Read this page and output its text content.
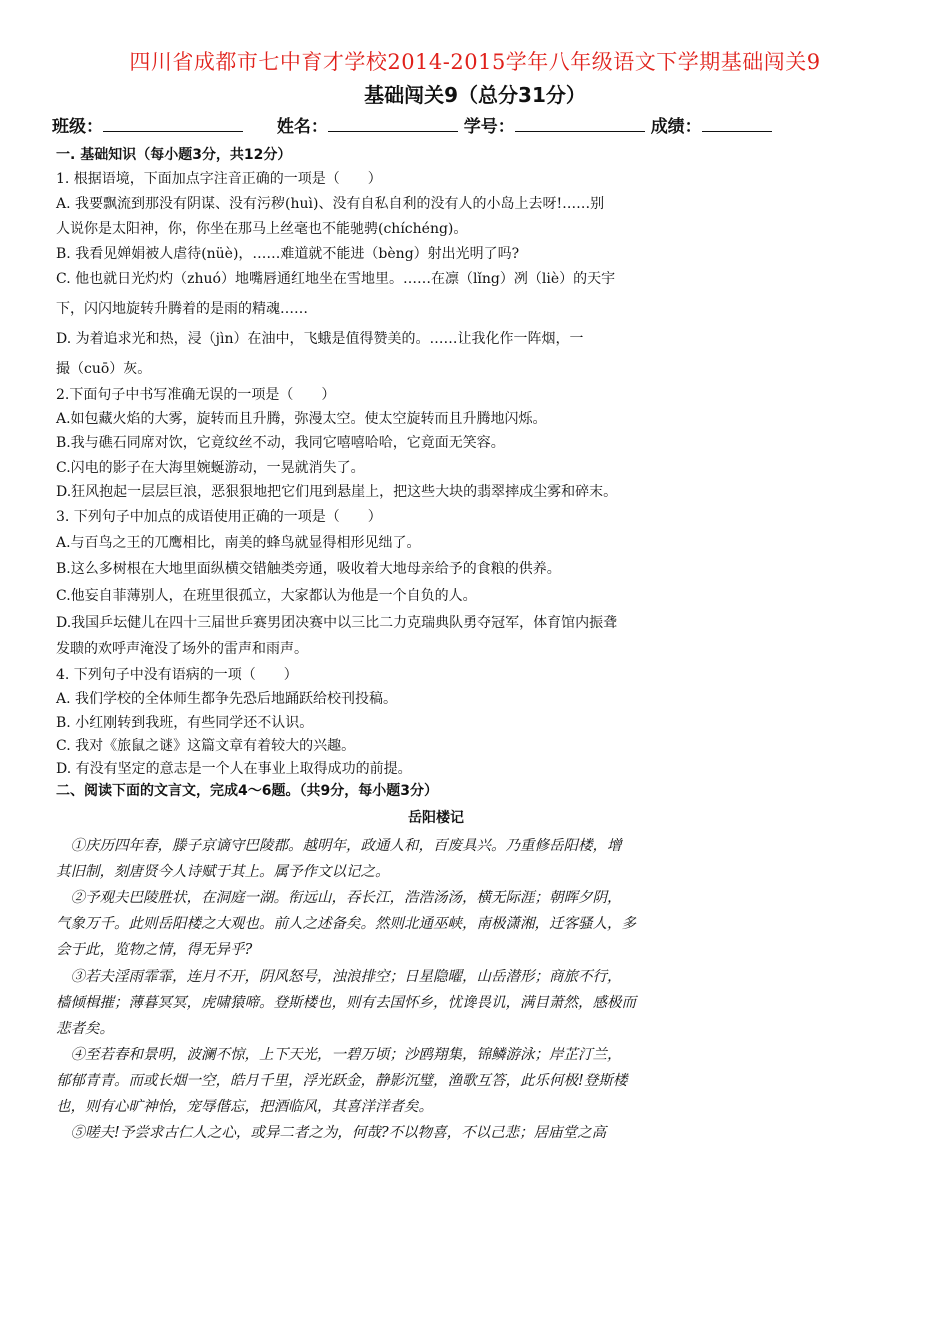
四川省成都市七中育才学校2014-2015学年八年级语文下学期基础闯关9
基础闯关9（总分31分）
班级：	姓名：	学号：	成绩：
一. 基础知识（每小题3分，共12分）
1. 根据语境，下面加点字注音正确的一项是（　　）
A. 我要飘流到那没有阴谋、没有污秽(huì)、没有自私自利的没有人的小岛上去呀!……别
人说你是太阳神，你，你坐在那马上丝毫也不能驰骋(chíchéng)。
B. 我看见婵娟被人虐待(nüè)，……难道就不能进（bèng）射出光明了吗?
C. 他也就日光灼灼（zhuó）地嘴唇通红地坐在雪地里。……在凛（lǐng）冽（liè）的天宇
下，闪闪地旋转升腾着的是雨的精魂……
D. 为着追求光和热，浸（jìn）在油中，飞蛾是值得赞美的。……让我化作一阵烟，一
撮（cuō）灰。
2.下面句子中书写准确无误的一项是（　　）
A.如包藏火焰的大雾，旋转而且升腾，弥漫太空。使太空旋转而且升腾地闪烁。
B.我与礁石同席对饮，它竟纹丝不动，我同它嘻嘻哈哈，它竟面无笑容。
C.闪电的影子在大海里婉蜒游动，一晃就消失了。
D.狂风抱起一层层巨浪，恶狠狠地把它们甩到悬崖上，把这些大块的翡翠摔成尘雾和碎末。
3. 下列句子中加点的成语使用正确的一项是（　　）
A.与百鸟之王的兀鹰相比，南美的蜂鸟就显得相形见绌了。
B.这么多树根在大地里面纵横交错触类旁通，吸收着大地母亲给予的食粮的供养。
C.他妄自菲薄别人，在班里很孤立，大家都认为他是一个自负的人。
D.我国乒坛健儿在四十三届世乒赛男团决赛中以三比二力克瑞典队勇夺冠军，体育馆内振聋
发聩的欢呼声淹没了场外的雷声和雨声。
4. 下列句子中没有语病的一项（　　）
A. 我们学校的全体师生都争先恐后地踊跃给校刊投稿。
B. 小红刚转到我班，有些同学还不认识。
C. 我对《旅鼠之谜》这篇文章有着较大的兴趣。
D. 有没有坚定的意志是一个人在事业上取得成功的前提。
二、阅读下面的文言文，完成4～6题。（共9分，每小题3分）
岳阳楼记
　①庆历四年春，滕子京谪守巴陵郡。越明年，政通人和，百废具兴。乃重修岳阳楼，增
其旧制，刻唐贤今人诗赋于其上。属予作文以记之。
　②予观夫巴陵胜状，在洞庭一湖。衔远山，吞长江，浩浩汤汤，横无际涯；朝晖夕阴，
气象万千。此则岳阳楼之大观也。前人之述备矣。然则北通巫峡，南极潇湘，迁客骚人，多
会于此，览物之情，得无异乎?
　③若夫淫雨霏霏，连月不开，阴风怒号，浊浪排空；日星隐曜，山岳潜形；商旅不行，
樯倾楫摧；薄暮冥冥，虎啸猿啼。登斯楼也，则有去国怀乡，忧谗畏讥，满目萧然，感极而
悲者矣。
　④至若春和景明，波澜不惊，上下天光，一碧万顷；沙鸥翔集，锦鳞游泳；岸芷汀兰，
郁郁青青。而或长烟一空，皓月千里，浮光跃金，静影沉璧，渔歌互答，此乐何极!登斯楼
也，则有心旷神怡，宠辱偕忘，把酒临风，其喜洋洋者矣。
　⑤嗟夫!予尝求古仁人之心，或异二者之为，何哉?不以物喜，不以己悲；居庙堂之高
